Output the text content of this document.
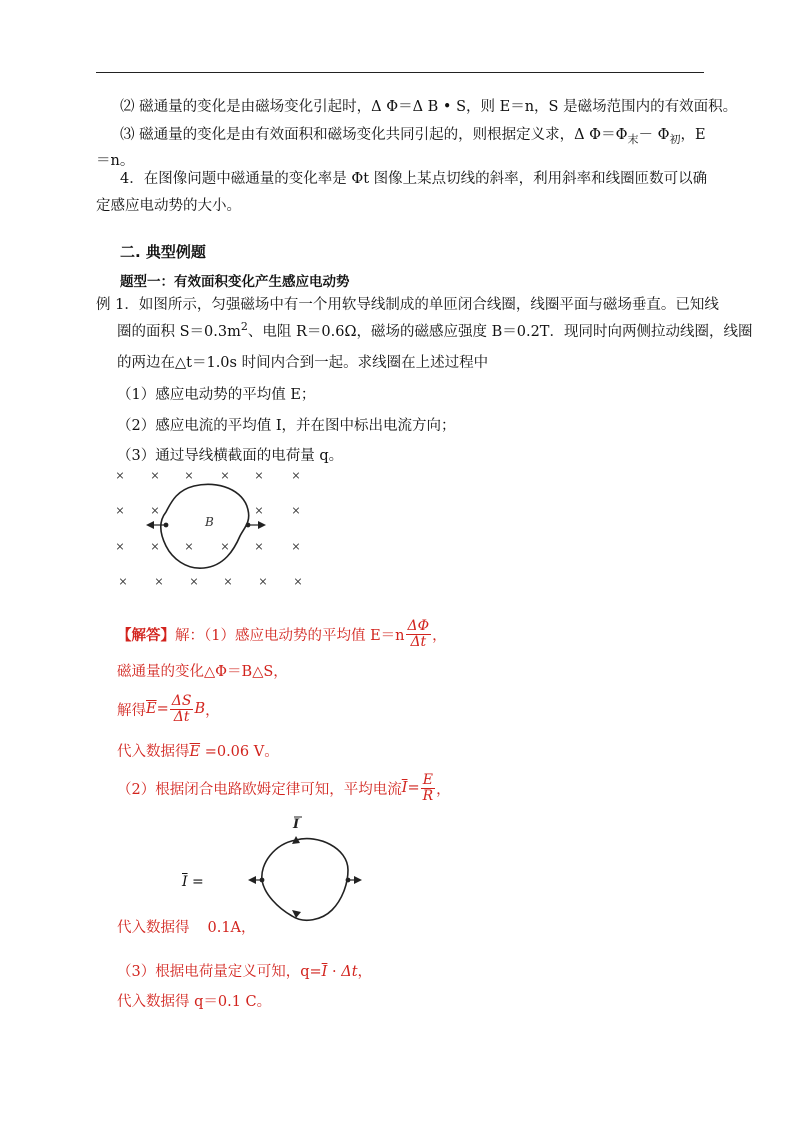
⑵ 磁通量的变化是由磁场变化引起时，Δ Φ＝Δ B • S，则 E＝n，S 是磁场范围内的有效面积。
⑶ 磁通量的变化是由有效面积和磁场变化共同引起的，则根据定义求，Δ $\Phi=\Phi_末- \Phi_初$，E
＝n。
4．在图像问题中磁通量的变化率是 Φt 图像上某点切线的斜率，利用斜率和线圈匝数可以确
定感应电动势的大小。
二. 典型例题
题型一：有效面积变化产生感应电动势
例 1．如图所示，匀强磁场中有一个用软导线制成的单匝闭合线圈，线圈平面与磁场垂直。已知线
圈的面积 $S=0.3m^2$、电阻 R＝0.6Ω，磁场的磁感应强度 B＝0.2T．现同时向两侧拉动线圈，线圈
的两边在△t＝1.0s 时间内合到一起。求线圈在上述过程中
（1）感应电动势的平均值 E；
（2）感应电流的平均值 I，并在图中标出电流方向；
（3）通过导线横截面的电荷量 q。
× × × × ×	×
× ×	×	×
× × × × ×	×
× × × × × ×
B
【解答】 解：（1）感应电动势的平均值 $E=n \frac{\Delta\Phi}{\Delta t}$ ，
磁通量的变化△Φ＝B△S，
解得 $\overline{E} = \frac{\Delta S}{\Delta t}$ B ，
代入数据得$\overline{E} =0.06$ V。
（2）根据闭合电路欧姆定律可知，平均电流 $\overline{I} = \frac{E}{R}$ ，
$\overline{I}$ =
I
代入数据得 0.1A，
（3）根据电荷量定义可知，$q=\overline{I} \cdot \Delta t$，
代入数据得 q＝0.1 C。
